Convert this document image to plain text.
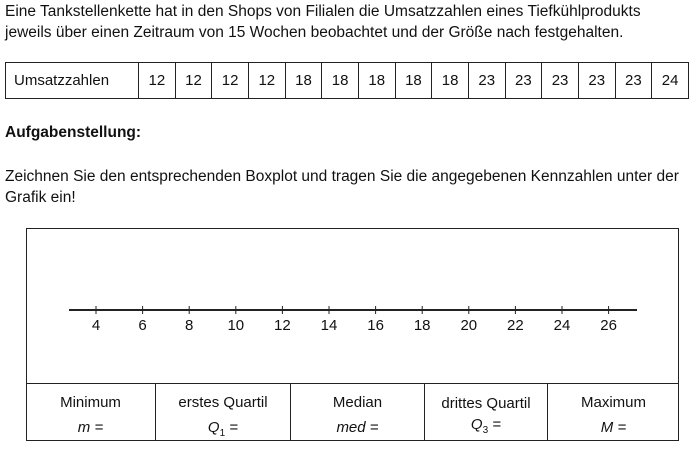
Eine Tankstellenkette hat in den Shops von Filialen die Umsatzzahlen eines Tiefkühlprodukts jeweils über einen Zeitraum von 15 Wochen beobachtet und der Größe nach festgehalten.

Umsatzzahlen	12	12	12	12	18	18	18	18	18	23	23	23	23	23	24

Aufgabenstellung:

Zeichnen Sie den entsprechenden Boxplot und tragen Sie die angegebenen Kennzahlen unter der Grafik ein!

4	6	8 10 12 14 16 18 20 22 24 26
Minimum
m =
erstes Quartil
$Q_1$ =
Median
med =
drittes Quartil
$Q_3$ =
Maximum
M =
